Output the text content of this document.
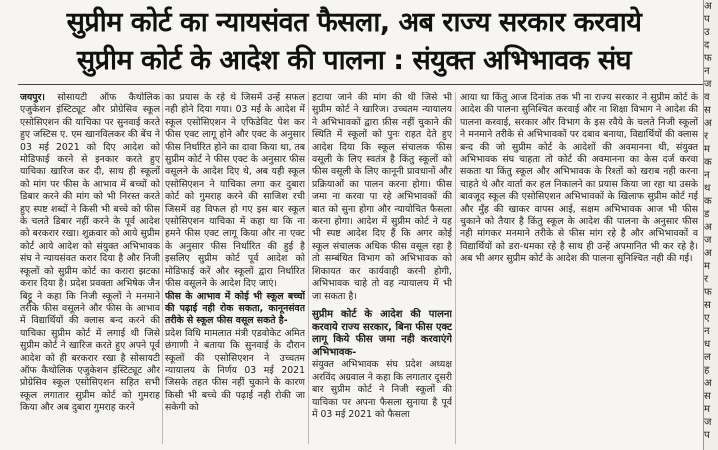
सुप्रीम कोर्ट का न्यायसंवत फैसला, अब राज्य सरकार करवाये
सुप्रीम कोर्ट के आदेश की पालना : संयुक्त अभिभावक संघ

जयपुर। सोसायटी ऑफ कैथोलिक एजुकेशन इंस्टिट्यूट और प्रोग्रेसिव स्कूल एसोसिएशन की याचिका पर सुनवाई करते हुए जस्टिस ए. एम खानविलकर की बेंच ने 03 मई 2021 को दिए आदेश को मोडिफाई करने से इनकार करते हुए याचिका खारिज कर दी, साथ ही स्कूलों को मांग पर फीस के आभाव में बच्चों को डिबार करने की मांग को भी निरस्त करते हुए स्पष्ट शब्दों ने किसी भी बच्चे को फीस के चलते डिबार नहीं करने के पूर्व आदेश को बरकरार रखा। शुक्रवार को आये सुप्रीम कोर्ट आये आदेश को संयुक्त अभिभावक संघ ने न्यायसंवत करार दिया है और निजी स्कूलों को सुप्रीम कोर्ट का करारा झटका करार दिया है। प्रदेश प्रवक्ता अभिषेक जैन बिट्टू ने कहा कि निजी स्कूलों ने मनमाने तरीके फीस वसूलने और फीस के आभाव में विद्यार्थियों की क्लास बन्द करने की याचिका सुप्रीम कोर्ट में लगाई थी जिसे सुप्रीम कोर्ट ने खारिज करते हुए अपने पूर्व आदेश को ही बरकरार रखा है सोसायटी ऑफ कैथोलिक एजुकेशन इंस्टिट्यूट और प्रोग्रेसिव स्कूल एसोसिएशन सहित सभी स्कूल लगातार सुप्रीम कोर्ट को गुमराह किया और अब दुबारा गुमराह करने

का प्रयास के रहे थे जिसमें उन्हें सफल नही होने दिया गया। 03 मई के आदेश में स्कूल एसोसिएशन ने एफिडेविट पेश कर फीस एक्ट लागू होने और एक्ट के अनुसार फीस निर्धारित होने का दावा किया था, तब सुप्रीम कोर्ट ने फीस एक्ट के अनुसार फीस वसूलने के आदेश दिए थे, अब यही स्कूल एसोसिएशन ने याचिका लगा कर दुबारा कोर्ट को गुमराह करने की साजिश रची जिसमें वह विफल हो गए इस बार स्कूल एसोसिएशन याचिका में कहा था कि ना हमने फीस एक्ट लागू किया और ना एक्ट के अनुसार फीस निर्धारित की हुई है इसलिए सुप्रीम कोर्ट पूर्व आदेश को मोडिफाई करें और स्कूलों द्वारा निर्धारित फीस वसूलने के आदेश दिए जाएं।

फीस के आभाव में कोई भी स्कूल बच्चों की पढ़ाई नही रोक सकता, कानूनसंवत तरीके से स्कूल फीस वसूल सकते है-

प्रदेश विधि मामलात मंत्री एडवोकेट अमित छंगाणी ने बताया कि सुनवाई के दौरान स्कूलों की एसोसिएशन ने उच्चतम न्यायालय के निर्णय 03 मई 2021 जिसके तहत फीस नहीं चुकाने के कारण किसी भी बच्चे की पढ़ाई नही रोकी जा सकेगी को

हटाया जाने की मांग की थी जिसे भी सुप्रीम कोर्ट ने खारिज। उच्चतम न्यायालय ने अभिभावकों द्वारा फ़ीस नहीं चुकाने की स्थिति में स्कूलों को पुनः राहत देते हुए आदेश दिया कि स्कूल संचालक फीस वसूली के लिए स्वतंत्र है किंतु स्कूलों को फीस वसूली के लिए कानूनी प्रावधानों और प्रक्रियाओं का पालन करना होगा। फीस जमा ना करवा पा रहे अभिभावकों की बात को सुना होगा और न्यायोचित फैसला करना होगा। आदेश में सुप्रीम कोर्ट ने यह भी स्पष्ट आदेश दिए हैं कि अगर कोई स्कूल संचालक अधिक फीस वसूल रहा है तो सम्बंधित विभाग को अभिभावक को शिकायत कर कार्यवाही करनी होगी, अभिभावक चाहे तो वह न्यायालय में भी जा सकता है।

सुप्रीम कोर्ट के आदेश की पालना करवाये राज्य सरकार, बिना फीस एक्ट लागू किये फीस जमा नही करवाएंगे अभिभावक-

संयुक्त अभिभावक संघ प्रदेश अध्यक्ष अरविंद अग्रवाल ने कहा कि लगातार दूसरी बार सुप्रीम कोर्ट ने निजी स्कूलों की याचिका पर अपना फैसला सुनाया है पूर्व में 03 मई 2021 को फैसला

आया था किंतु आज दिनांक तक भी ना राज्य सरकार ने सुप्रीम कोर्ट के आदेश की पालना सुनिश्चित करवाई और ना शिक्षा विभाग ने आदेश की पालना करवाई, सरकार और विभाग के इस रवैये के चलते निजी स्कूलों ने मनमाने तरीके से अभिभावकों पर दबाव बनाया, विद्यार्थियों की क्लास बन्द की जो सुप्रीम कोर्ट के आदेशों की अवमानना थी, संयुक्त अभिभावक संघ चाहता तो कोर्ट की अवमानना का केस दर्ज करवा सकता था किंतु स्कूल और अभिभावक के रिश्तों को खराब नही करना चाहते थे और वार्ता कर हल निकालने का प्रयास किया जा रहा था उसके बावजूद स्कूल की एसोसिएशन अभिभावकों के खिलाफ सुप्रीम कोर्ट गई और मुँह की खाकर वापस आई, सक्षम अभिभावक आज भी फीस चुकाने को तैयार है किंतु स्कूल के आदेश की पालना के अनुसार फीस नही मांगकर मनमाने तरीके से फीस मांग रहे है और अभिभावकों व विद्यार्थियों को डरा-धमका रहे है साथ ही उन्हें अपमानित भी कर रहे है। अब भी अगर सुप्रीम कोर्ट के आदेश की पालना सुनिश्चित नही की गई।

अ
प
उ
द
फ
न
ज
व
स
अ
र
म
क
न
थ
क
ड
अ
ज
अ
म
र
फ
स
ए
न
ध
ल
ह
अ
स
म
ज
प
